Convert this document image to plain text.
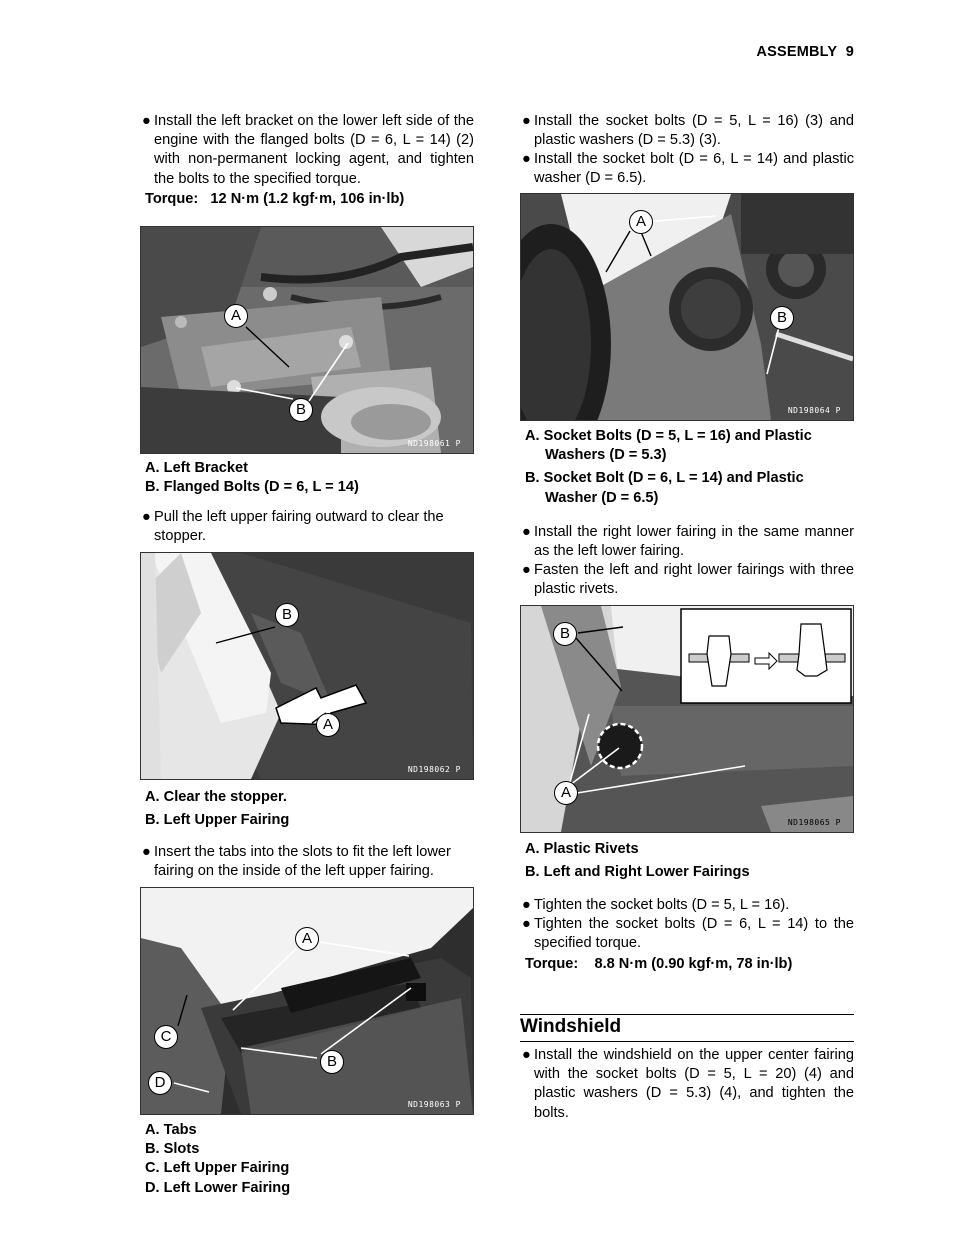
ASSEMBLY 9
● Install the left bracket on the lower left side of the engine with the flanged bolts (D = 6, L = 14) (2) with non-permanent locking agent, and tighten the bolts to the specified torque.
Torque: 12 N·m (1.2 kgf·m, 106 in·lb)
A
B
ND198061 P
A. Left Bracket
B. Flanged Bolts (D = 6, L = 14)
● Pull the left upper fairing outward to clear the stopper.
B
A
ND198062 P
A. Clear the stopper.
B. Left Upper Fairing
● Insert the tabs into the slots to fit the left lower fairing on the inside of the left upper fairing.
A
C
B
D
ND198063 P
A. Tabs
B. Slots
C. Left Upper Fairing
D. Left Lower Fairing
● Install the socket bolts (D = 5, L = 16) (3) and plastic washers (D = 5.3) (3).
● Install the socket bolt (D = 6, L = 14) and plastic washer (D = 6.5).
A
B
ND198064 P
A. Socket Bolts (D = 5, L = 16) and Plastic Washers (D = 5.3)
B. Socket Bolt (D = 6, L = 14) and Plastic Washer (D = 6.5)
● Install the right lower fairing in the same manner as the left lower fairing.
● Fasten the left and right lower fairings with three plastic rivets.
B
A
ND198065 P
A. Plastic Rivets
B. Left and Right Lower Fairings
● Tighten the socket bolts (D = 5, L = 16).
● Tighten the socket bolts (D = 6, L = 14) to the specified torque.
Torque: 8.8 N·m (0.90 kgf·m, 78 in·lb)
Windshield
● Install the windshield on the upper center fairing with the socket bolts (D = 5, L = 20) (4) and plastic washers (D = 5.3) (4), and tighten the bolts.
